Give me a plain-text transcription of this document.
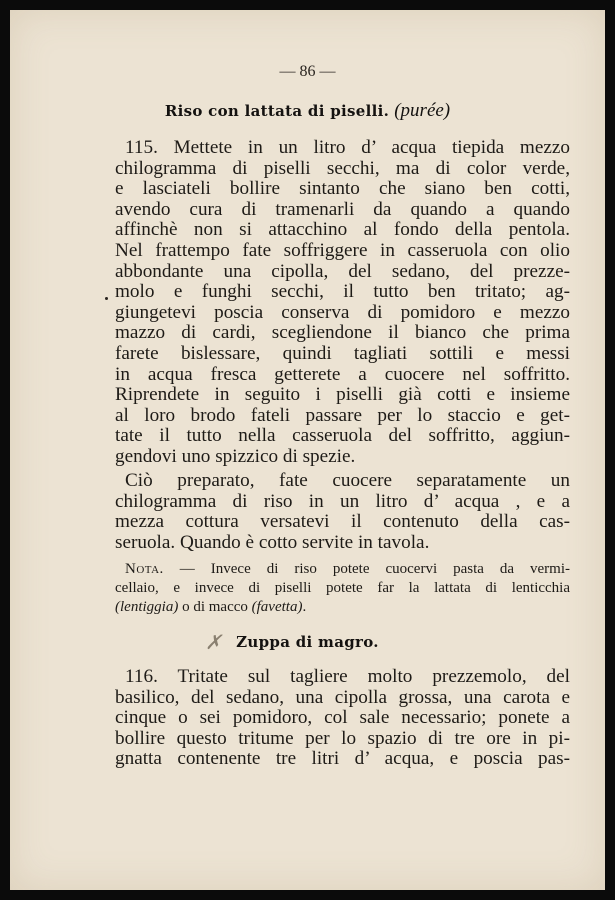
— 86 —
Riso con lattata di piselli. (purée)
115. Mettete in un litro d’ acqua tiepida mezzo
chilogramma di piselli secchi, ma di color verde,
e lasciateli bollire sintanto che siano ben cotti,
avendo cura di tramenarli da quando a quando
affinchè non si attacchino al fondo della pentola.
Nel frattempo fate soffriggere in casseruola con olio
abbondante una cipolla, del sedano, del prezze-
molo e funghi secchi, il tutto ben tritato; ag-
giungetevi poscia conserva di pomidoro e mezzo
mazzo di cardi, scegliendone il bianco che prima
farete bislessare, quindi tagliati sottili e messi
in acqua fresca getterete a cuocere nel soffritto.
Riprendete in seguito i piselli già cotti e insieme
al loro brodo fateli passare per lo staccio e get-
tate il tutto nella casseruola del soffritto, aggiun-
gendovi uno spizzico di spezie.
Ciò preparato, fate cuocere separatamente un
chilogramma di riso in un litro d’ acqua , e a
mezza cottura versatevi il contenuto della cas-
seruola. Quando è cotto servite in tavola.
Nota. — Invece di riso potete cuocervi pasta da vermi-
cellaio, e invece di piselli potete far la lattata di lenticchia
(lentiggia) o di macco (favetta).
✗ Zuppa di magro.
116. Tritate sul tagliere molto prezzemolo, del
basilico, del sedano, una cipolla grossa, una carota e
cinque o sei pomidoro, col sale necessario; ponete a
bollire questo tritume per lo spazio di tre ore in pi-
gnatta contenente tre litri d’ acqua, e poscia pas-
